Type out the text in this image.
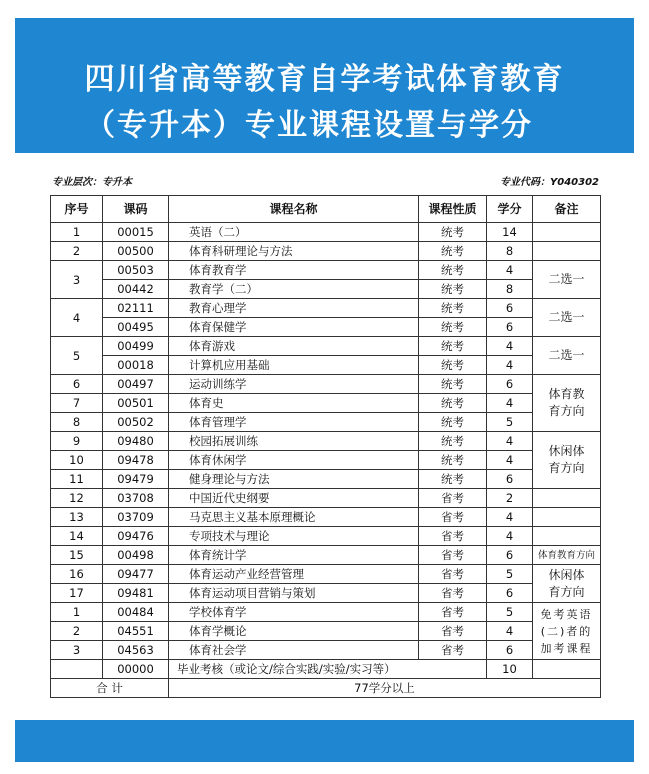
四川省高等教育自学考试体育教育
（专升本）专业课程设置与学分
专业层次：专升本	专业代码：Y040302
序号	课码	课程名称	课程性质	学分	备注
1	00015	英语（二）	统考	14	
2	00500	体育科研理论与方法	统考	8	
3	00503	体育教育学	统考	4	二选一
	00442	教育学（二）	统考	8	
4	02111	教育心理学	统考	6	二选一
	00495	体育保健学	统考	6	
5	00499	体育游戏	统考	4	二选一
	00018	计算机应用基础	统考	4	
6	00497	运动训练学	统考	6	体育教
育方向
7	00501	体育史	统考	4	
8	00502	体育管理学	统考	5	
9	09480	校园拓展训练	统考	4	休闲体
育方向
10	09478	体育休闲学	统考	4	
11	09479	健身理论与方法	统考	6	
12	03708	中国近代史纲要	省考	2	
13	03709	马克思主义基本原理概论	省考	4	
14	09476	专项技术与理论	省考	4	
15	00498	体育统计学	省考	6	体育教育方向
16	09477	体育运动产业经营管理	省考	5	休闲体
育方向
17	09481	体育运动项目营销与策划	省考	6	
1	00484	学校体育学	省考	5	免考英语
(二)者的
加考课程
2	04551	体育学概论	省考	4	
3	04563	体育社会学	省考	6	
	00000	毕业考核（或论文/综合实践/实验/实习等）		10	
合 计		77学分以上			
